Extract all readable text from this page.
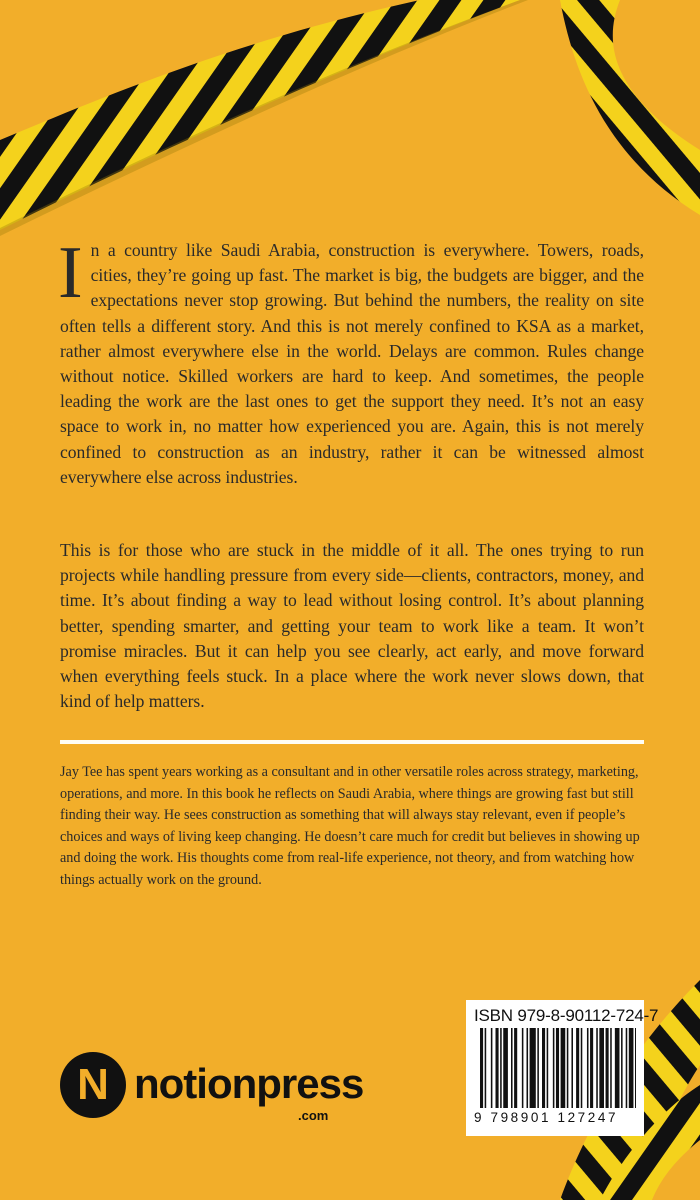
In a country like Saudi Arabia, construction is everywhere. Towers, roads, cities, they’re going up fast. The market is big, the budgets are bigger, and the expectations never stop growing. But behind the numbers, the reality on site often tells a different story. And this is not merely confined to KSA as a market, rather almost everywhere else in the world. Delays are common. Rules change without notice. Skilled workers are hard to keep. And sometimes, the people leading the work are the last ones to get the support they need. It’s not an easy space to work in, no matter how experienced you are. Again, this is not merely confined to construction as an industry, rather it can be witnessed almost everywhere else across industries.

This is for those who are stuck in the middle of it all. The ones trying to run projects while handling pressure from every side—clients, contractors, money, and time. It’s about finding a way to lead without losing control. It’s about planning better, spending smarter, and getting your team to work like a team. It won’t promise miracles. But it can help you see clearly, act early, and move forward when everything feels stuck. In a place where the work never slows down, that kind of help matters.

Jay Tee has spent years working as a consultant and in other versatile roles across strategy, marketing, operations, and more. In this book he reflects on Saudi Arabia, where things are growing fast but still finding their way. He sees construction as something that will always stay relevant, even if people’s choices and ways of living keep changing. He doesn’t care much for credit but believes in showing up and doing the work. His thoughts come from real-life experience, not theory, and from watching how things actually work on the ground.

N notionpress
.com
ISBN 979-8-90112-724-7
9 798901 127247
